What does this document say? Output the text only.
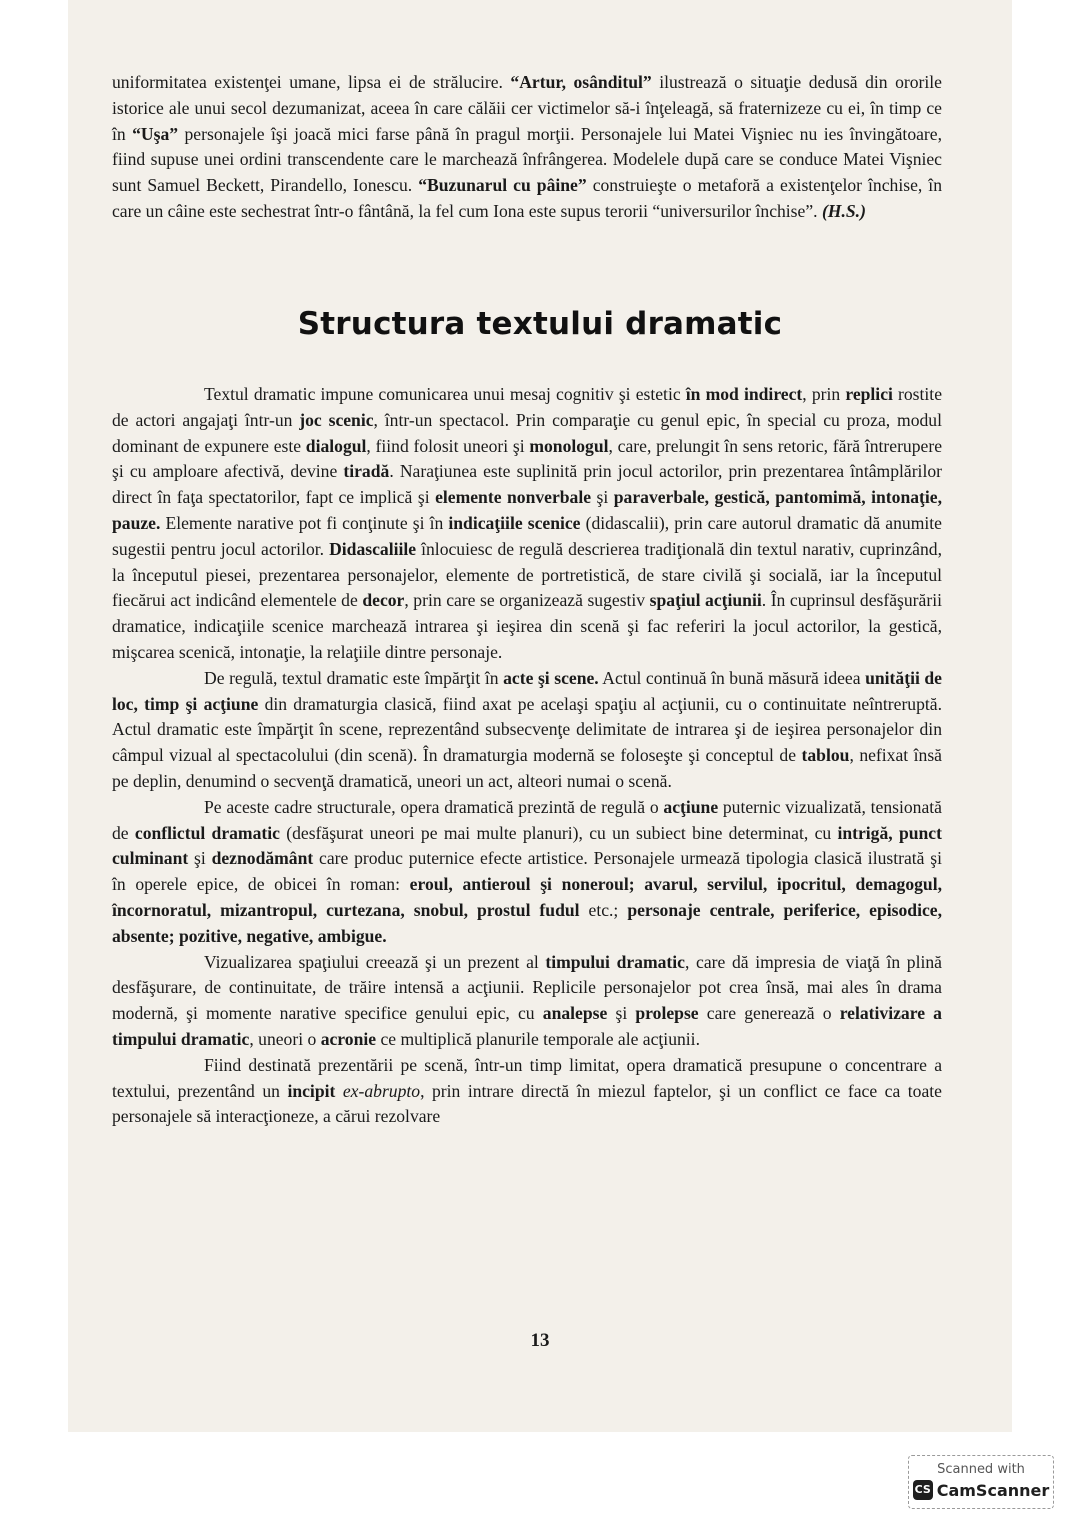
uniformitatea existenţei umane, lipsa ei de strălucire. “Artur, osânditul” ilustrează o situaţie dedusă din ororile istorice ale unui secol dezumanizat, aceea în care călăii cer victimelor să-i înţeleagă, să fraternizeze cu ei, în timp ce în “Uşa” personajele îşi joacă mici farse până în pragul morţii. Personajele lui Matei Vişniec nu ies învingătoare, fiind supuse unei ordini transcendente care le marchează înfrângerea. Modelele după care se conduce Matei Vişniec sunt Samuel Beckett, Pirandello, Ionescu. “Buzunarul cu pâine” construieşte o metaforă a existenţelor închise, în care un câine este sechestrat într-o fântână, la fel cum Iona este supus terorii “universurilor închise”. (H.S.)

Structura textului dramatic

Textul dramatic impune comunicarea unui mesaj cognitiv şi estetic în mod indirect, prin replici rostite de actori angajaţi într-un joc scenic, într-un spectacol. Prin comparaţie cu genul epic, în special cu proza, modul dominant de expunere este dialogul, fiind folosit uneori şi monologul, care, prelungit în sens retoric, fără întrerupere şi cu amploare afectivă, devine tiradă. Naraţiunea este suplinită prin jocul actorilor, prin prezentarea întâmplărilor direct în faţa spectatorilor, fapt ce implică şi elemente nonverbale şi paraverbale, gestică, pantomimă, intonaţie, pauze. Elemente narative pot fi conţinute şi în indicaţiile scenice (didascalii), prin care autorul dramatic dă anumite sugestii pentru jocul actorilor. Didascaliile înlocuiesc de regulă descrierea tradiţională din textul narativ, cuprinzând, la începutul piesei, prezentarea personajelor, elemente de portretistică, de stare civilă şi socială, iar la începutul fiecărui act indicând elementele de decor, prin care se organizează sugestiv spaţiul acţiunii. În cuprinsul desfăşurării dramatice, indicaţiile scenice marchează intrarea şi ieşirea din scenă şi fac referiri la jocul actorilor, la gestică, mişcarea scenică, intonaţie, la relaţiile dintre personaje.

De regulă, textul dramatic este împărţit în acte şi scene. Actul continuă în bună măsură ideea unităţii de loc, timp şi acţiune din dramaturgia clasică, fiind axat pe acelaşi spaţiu al acţiunii, cu o continuitate neîntreruptă. Actul dramatic este împărţit în scene, reprezentând subsecvenţe delimitate de intrarea şi de ieşirea personajelor din câmpul vizual al spectacolului (din scenă). În dramaturgia modernă se foloseşte şi conceptul de tablou, nefixat însă pe deplin, denumind o secvenţă dramatică, uneori un act, alteori numai o scenă.

Pe aceste cadre structurale, opera dramatică prezintă de regulă o acţiune puternic vizualizată, tensionată de conflictul dramatic (desfăşurat uneori pe mai multe planuri), cu un subiect bine determinat, cu intrigă, punct culminant şi deznodământ care produc puternice efecte artistice. Personajele urmează tipologia clasică ilustrată şi în operele epice, de obicei în roman: eroul, antieroul şi noneroul; avarul, servilul, ipocritul, demagogul, încornoratul, mizantropul, curtezana, snobul, prostul fudul etc.; personaje centrale, periferice, episodice, absente; pozitive, negative, ambigue.

Vizualizarea spaţiului creează şi un prezent al timpului dramatic, care dă impresia de viaţă în plină desfăşurare, de continuitate, de trăire intensă a acţiunii. Replicile personajelor pot crea însă, mai ales în drama modernă, şi momente narative specifice genului epic, cu analepse şi prolepse care generează o relativizare a timpului dramatic, uneori o acronie ce multiplică planurile temporale ale acţiunii.

Fiind destinată prezentării pe scenă, într-un timp limitat, opera dramatică presupune o concentrare a textului, prezentând un incipit ex-abrupto, prin intrare directă în miezul faptelor, şi un conflict ce face ca toate personajele să interacţioneze, a cărui rezolvare

13
Scanned with
CS CamScanner
